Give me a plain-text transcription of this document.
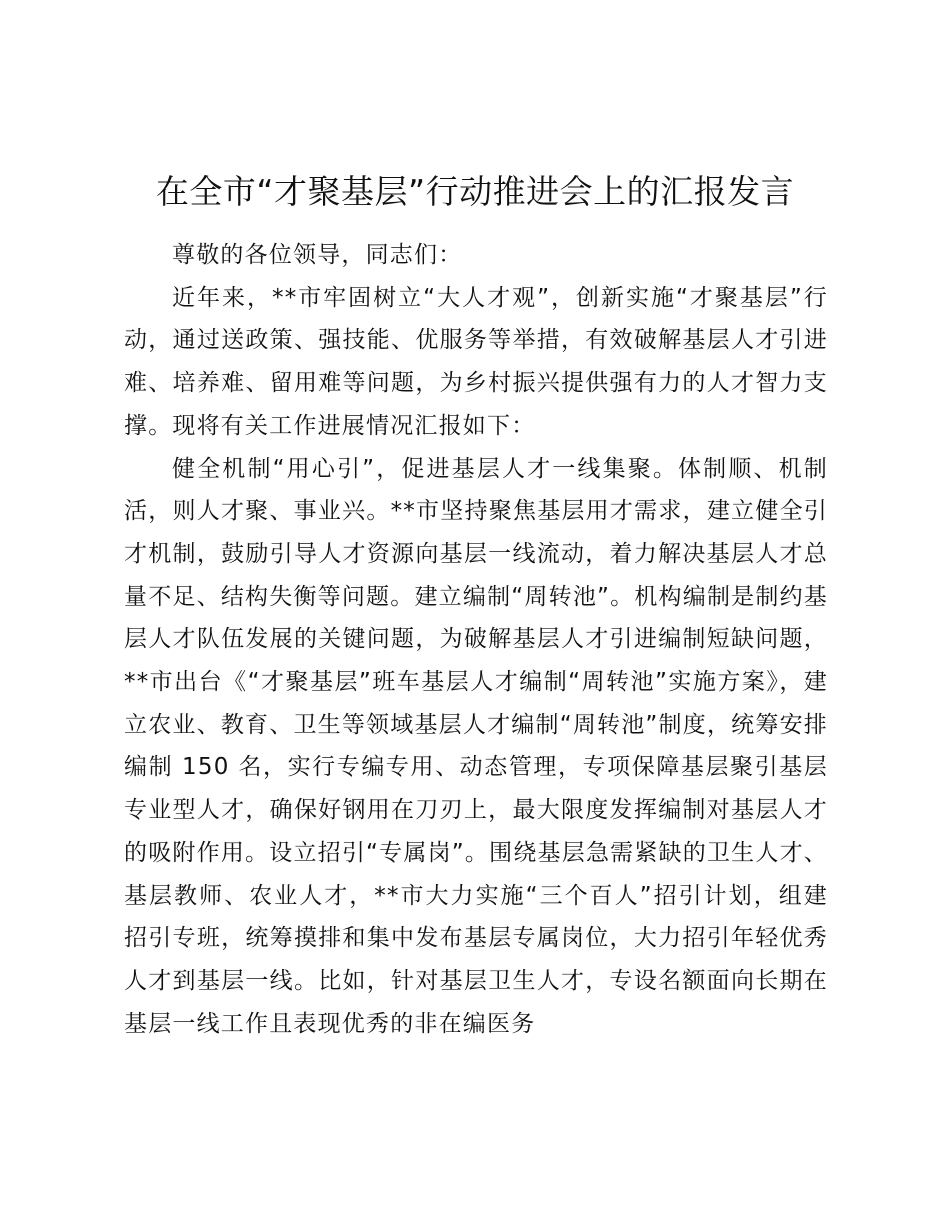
在全市“才聚基层”行动推进会上的汇报发言

尊敬的各位领导，同志们：

近年来，**市牢固树立“大人才观”，创新实施“才聚基层”行动，通过送政策、强技能、优服务等举措，有效破解基层人才引进难、培养难、留用难等问题，为乡村振兴提供强有力的人才智力支撑。现将有关工作进展情况汇报如下：

健全机制“用心引”，促进基层人才一线集聚。体制顺、机制活，则人才聚、事业兴。**市坚持聚焦基层用才需求，建立健全引才机制，鼓励引导人才资源向基层一线流动，着力解决基层人才总量不足、结构失衡等问题。建立编制“周转池”。机构编制是制约基层人才队伍发展的关键问题，为破解基层人才引进编制短缺问题，**市出台《“才聚基层”班车基层人才编制“周转池”实施方案》，建立农业、教育、卫生等领域基层人才编制“周转池”制度，统筹安排编制 150 名，实行专编专用、动态管理，专项保障基层聚引基层专业型人才，确保好钢用在刀刃上，最大限度发挥编制对基层人才的吸附作用。设立招引“专属岗”。围绕基层急需紧缺的卫生人才、基层教师、农业人才，**市大力实施“三个百人”招引计划，组建招引专班，统筹摸排和集中发布基层专属岗位，大力招引年轻优秀人才到基层一线。比如，针对基层卫生人才，专设名额面向长期在基层一线工作且表现优秀的非在编医务
